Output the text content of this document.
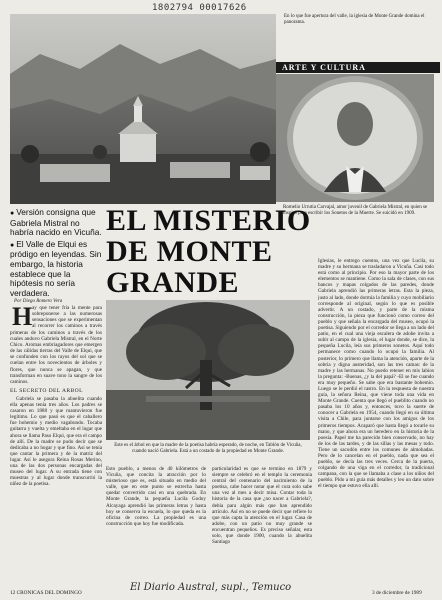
1802794 00017626
En lo que fue apertura del valle, la iglesia de Monte Grande domina el panorama.
ARTE Y CULTURA
Romelio Urrutia Carvajal, amor juvenil de Gabriela Mistral, en quien se inspiró para escribir los Sonetos de la Muerte. Se suicidó en 1909.
● Versión consigna que Gabriela Mistral no habría nacido en Vicuña.
● El Valle de Elqui es pródigo en leyendas. Sin embargo, la historia establece que la hipótesis no sería verdadera.
EL MISTERIO DE MONTE GRANDE
Por Diego Romero Vera
H ay que tener fría la mente para sobreponerse a las numerosas sensaciones que se experimentan al recorrer los caminos a través

primeras de los caminos a través de los cuales anduvo Gabriela Mistral, en el Norte Chico. Aromas embriagadores que emergen de las cálidas tierras del Valle de Elqui, que se confunden con los rayos del sol que se cuelan entre los novecientos de árboles y flores, que nunca se apagan, y que transforman en suave tono la sangre de los caminos.

EL SECRETO DEL ARBOL

Gabriela se pasaba la abuelita cuando ella apenas tenía tres años. Los padres se casaron en 1888 y que mantuvieron fue legítimo. Lo que pasó es que el caballero fue bohemio y medio vagabundo. Tocaba guitarra y vuelta y emeltaba en el lugar que ahora se llama Paso Elqui, que era el campo de allí. De la madre se pudo decir que se dedicaba a no hogar y que fino. Así se tenía que cantar la primera y de la matriz del lugar. Así le asegura Reina Rosas Merino, una de las dos personas encargadas del museo del lugar. A su entrada tiene con muestras y al lugar donde transcurrió la niñez de la poetisa.

Este es el árbol en que la madre de la poetisa habría esperado, de noche, en Tablón de Vicuña, cuando nació Gabriela. Está a un costado de la propiedad en Monte Grande.

Esto pueblo, a menos de 40 kilómetros de Vicuña, que concita la atracción por lo misterioso que es, está situado en medio del valle, que en este punto se estrecha hasta quedar convertido casi en una quebrada. En Monte Grande, la pequeña Lucila Godoy Alcayaga aprendió las primeras letras y hasta hoy se conserva la escuela, lo que queda es la oficina de correo. La propiedad es una construcción que hoy fue modificada.

particularidad es que se termino en 1879 y siempre se celebró en el templo la ceremonia central del centenario del nacimiento de la poetisa, cabe hacer notar que el cura solo sabe una vez al mes a decir misa. Contar toda la historia de la casa que ¿no nacer a Gabriela?, debía para algún más que han aprendido artículo. Así en no se puede decir que refiere lo que más capta la atención en el lugar. Casa de adobe, con un patio no muy grande se encuentran pequeños. Es preciso señalar, esta solo, que donde 1900, cuando la abuelita Santiago

Iglesias, le entrego cuentos, una vez que Lucila, su madre y su hermana se trasladaron a Vicuña. Casi todo está como al principio. Por eso la mayor parte de los elementos se mantiene. Como la sala de clases, con sus bancos y mapas colgados de las paredes, donde Gabriela aprendió las primeras letras. Esta la pieza, justo al lado, donde dormía la familia y cuyo mobiliario corresponde al original, según lo que es posible advertir. A un costado, y parte de la misma construcción, la pieza que funcionó como correo del pueblo y que señala la encargada del museo, ocupó la poetisa. Siguiendo por el corredor se llega a un lado del patio, en el cual una vieja escalera de adobe invita a subir al campo de la iglesia, el lugar donde, se dice, la pequeña Lucila, leía sus primeros sonetos. Aquí todo permanece como cuando lo ocupó la familia. Al posterior, lo primero que llama la atención, aparte de la sobria y digna austeridad, son las tres camas: de la madre y las hermanas. No puedo retener en mis labios la pregunta: -Buenas, ¿y la del papá? -El se fue cuando era muy pequeño. Se sabe que era bastante bohemio. Luego se le perdió el rastro. En la respuesta de nuestra guía, la señora Reina, que viene toda una vida en Monte Grande. Cuenta que llegó el pueblito cuando no pasaba los 10 años y, entonces, tuvo la suerte de conocer a Gabriela en 1954, cuando llegó en su última visita a Chile, para juntarse con los amigos de los primeros tiempos. Acaparó que hasta llegó a tocarle su mano, y que ahora era un heredero en la historia de la poesía. Papel me ha parecido bien conservado, no hay de los de las tardes, y de las sillas y las mesas y todo. Tiene un sacudón entre los comunes de almohadas. Pero de lo cancelan en el pueblo, nada que sea el pueblo, se decía las tres veces. Cerca de la puerta, colgando de una viga en el corredor, la tradicional campana, con la que se llamaba a clase a los niños del pueblo. Pido a mi guía más detalles y leo un dato sobre el tiempo que estuvo ella allí.

12 CRONICAS DEL DOMINGO	El Diario Austral, supl., Temuco	3 de diciembre de 1989
